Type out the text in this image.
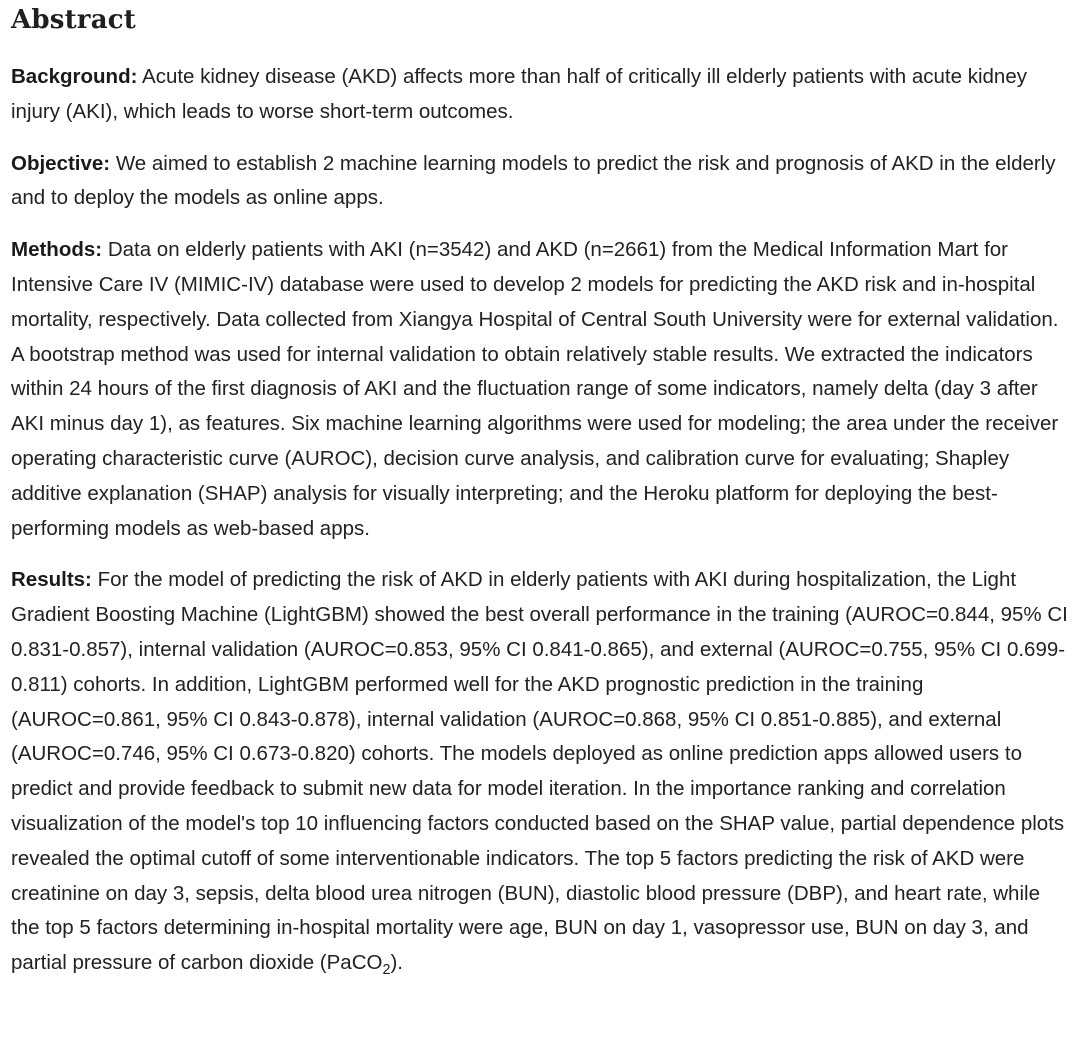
Abstract

Background: Acute kidney disease (AKD) affects more than half of critically ill elderly patients with acute kidney injury (AKI), which leads to worse short-term outcomes.

Objective: We aimed to establish 2 machine learning models to predict the risk and prognosis of AKD in the elderly and to deploy the models as online apps.

Methods: Data on elderly patients with AKI (n=3542) and AKD (n=2661) from the Medical Information Mart for Intensive Care IV (MIMIC-IV) database were used to develop 2 models for predicting the AKD risk and in-hospital mortality, respectively. Data collected from Xiangya Hospital of Central South University were for external validation. A bootstrap method was used for internal validation to obtain relatively stable results. We extracted the indicators within 24 hours of the first diagnosis of AKI and the fluctuation range of some indicators, namely delta (day 3 after AKI minus day 1), as features. Six machine learning algorithms were used for modeling; the area under the receiver operating characteristic curve (AUROC), decision curve analysis, and calibration curve for evaluating; Shapley additive explanation (SHAP) analysis for visually interpreting; and the Heroku platform for deploying the best-performing models as web-based apps.

Results: For the model of predicting the risk of AKD in elderly patients with AKI during hospitalization, the Light Gradient Boosting Machine (LightGBM) showed the best overall performance in the training (AUROC=0.844, 95% CI 0.831-0.857), internal validation (AUROC=0.853, 95% CI 0.841-0.865), and external (AUROC=0.755, 95% CI 0.699-0.811) cohorts. In addition, LightGBM performed well for the AKD prognostic prediction in the training (AUROC=0.861, 95% CI 0.843-0.878), internal validation (AUROC=0.868, 95% CI 0.851-0.885), and external (AUROC=0.746, 95% CI 0.673-0.820) cohorts. The models deployed as online prediction apps allowed users to predict and provide feedback to submit new data for model iteration. In the importance ranking and correlation visualization of the model's top 10 influencing factors conducted based on the SHAP value, partial dependence plots revealed the optimal cutoff of some interventionable indicators. The top 5 factors predicting the risk of AKD were creatinine on day 3, sepsis, delta blood urea nitrogen (BUN), diastolic blood pressure (DBP), and heart rate, while the top 5 factors determining in-hospital mortality were age, BUN on day 1, vasopressor use, BUN on day 3, and partial pressure of carbon dioxide (PaCO$_2$).
